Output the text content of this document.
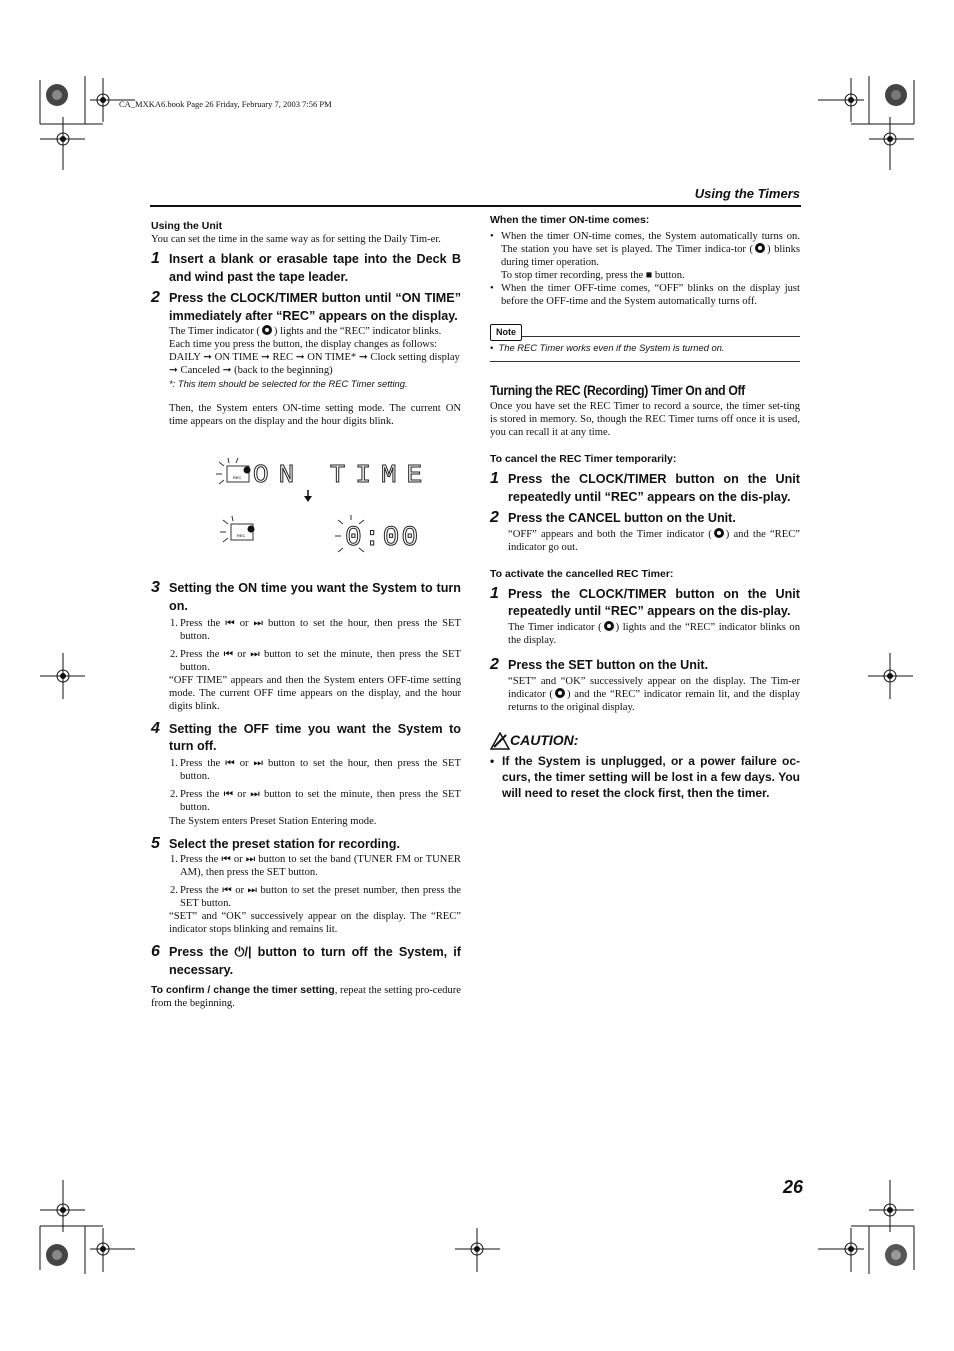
CA_MXKA6.book Page 26 Friday, February 7, 2003 7:56 PM
Using the Timers
Using the Unit
You can set the time in the same way as for setting the Daily Tim-er.
1 Insert a blank or erasable tape into the Deck B and wind past the tape leader.
2 Press the CLOCK/TIMER button until “ON TIME” immediately after “REC” appears on the display.
The Timer indicator ( ) lights and the “REC” indicator blinks.
Each time you press the button, the display changes as follows:
DAILY ➞ ON TIME ➞ REC ➞ ON TIME* ➞ Clock setting display ➞ Canceled ➞ (back to the beginning)
*: This item should be selected for the REC Timer setting.
Then, the System enters ON-time setting mode. The current ON time appears on the display and the hour digits blink.
REC
REC
ON TIME
0:00
3 Setting the ON time you want the System to turn on.
1. Press the ⏮ or ⏭ button to set the hour, then press the SET button.
2. Press the ⏮ or ⏭ button to set the minute, then press the SET button.
“OFF TIME” appears and then the System enters OFF-time setting mode. The current OFF time appears on the display, and the hour digits blink.
4 Setting the OFF time you want the System to turn off.
1. Press the ⏮ or ⏭ button to set the hour, then press the SET button.
2. Press the ⏮ or ⏭ button to set the minute, then press the SET button.
The System enters Preset Station Entering mode.
5 Select the preset station for recording.
1. Press the ⏮ or ⏭ button to set the band (TUNER FM or TUNER AM), then press the SET button.
2. Press the ⏮ or ⏭ button to set the preset number, then press the SET button.
“SET” and “OK” successively appear on the display. The “REC” indicator stops blinking and remains lit.
6 Press the ⏻/| button to turn off the System, if necessary.
To confirm / change the timer setting, repeat the setting pro-cedure from the beginning.
When the timer ON-time comes:
• When the timer ON-time comes, the System automatically turns on. The station you have set is played. The Timer indica-tor ( ) blinks during timer operation.
To stop timer recording, press the ■ button.
• When the timer OFF-time comes, “OFF” blinks on the display just before the OFF-time and the System automatically turns off.
Note
•  The REC Timer works even if the System is turned on.
Turning the REC (Recording) Timer On and Off
Once you have set the REC Timer to record a source, the timer set-ting is stored in memory. So, though the REC Timer turns off once it is used, you can recall it at any time.
To cancel the REC Timer temporarily:
1 Press the CLOCK/TIMER button on the Unit repeatedly until “REC” appears on the dis-play.
2 Press the CANCEL button on the Unit.
“OFF” appears and both the Timer indicator ( ) and the “REC” indicator go out.
To activate the cancelled REC Timer:
1 Press the CLOCK/TIMER button on the Unit repeatedly until “REC” appears on the dis-play.
The Timer indicator ( ) lights and the “REC” indicator blinks on the display.
2 Press the SET button on the Unit.
“SET” and “OK” successively appear on the display. The Tim-er indicator ( ) and the “REC” indicator remain lit, and the display returns to the original display.
CAUTION:
• If the System is unplugged, or a power failure oc-curs, the timer setting will be lost in a few days. You will need to reset the clock first, then the timer.
26
